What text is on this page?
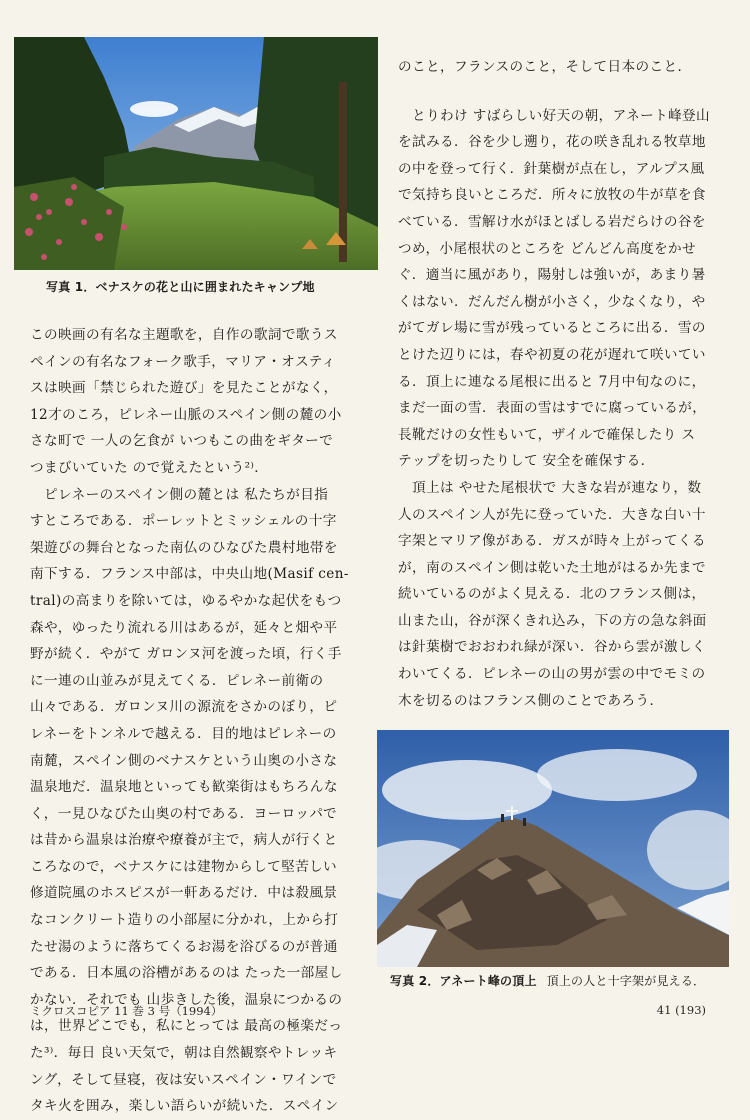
写真 1．ベナスケの花と山に囲まれたキャンプ地
この映画の有名な主題歌を，自作の歌詞で歌うス
ペインの有名なフォーク歌手，マリア・オスティ
スは映画「禁じられた遊び」を見たことがなく，
12才のころ，ピレネー山脈のスペイン側の麓の小
さな町で 一人の乞食が いつもこの曲をギターで
つまびいていた ので覚えたという²⁾．
ピレネーのスペイン側の麓とは 私たちが目指
すところである．ポーレットとミッシェルの十字
架遊びの舞台となった南仏のひなびた農村地帯を
南下する．フランス中部は，中央山地(Masif cen-
tral)の高まりを除いては，ゆるやかな起伏をもつ
森や，ゆったり流れる川はあるが，延々と畑や平
野が続く．やがて ガロンヌ河を渡った頃，行く手
に一連の山並みが見えてくる．ピレネー前衛の
山々である．ガロンヌ川の源流をさかのぼり，ピ
レネーをトンネルで越える．目的地はピレネーの
南麓，スペイン側のベナスケという山奥の小さな
温泉地だ．温泉地といっても歓楽街はもちろんな
く，一見ひなびた山奥の村である．ヨーロッパで
は昔から温泉は治療や療養が主で，病人が行くと
ころなので，ベナスケには建物からして堅苦しい
修道院風のホスピスが一軒あるだけ．中は殺風景
なコンクリート造りの小部屋に分かれ，上から打
たせ湯のように落ちてくるお湯を浴びるのが普通
である．日本風の浴槽があるのは たった一部屋し
かない．それでも 山歩きした後，温泉につかるの
は，世界どこでも，私にとっては 最高の極楽だっ
た³⁾．毎日 良い天気で，朝は自然観察やトレッキ
ング，そして昼寝，夜は安いスペイン・ワインで
タキ火を囲み，楽しい語らいが続いた．スペイン
のこと，フランスのこと，そして日本のこと．
とりわけ すばらしい好天の朝，アネート峰登山
を試みる．谷を少し遡り，花の咲き乱れる牧草地
の中を登って行く．針葉樹が点在し，アルプス風
で気持ち良いところだ．所々に放牧の牛が草を食
べている．雪解け水がほとばしる岩だらけの谷を
つめ，小尾根状のところを どんどん高度をかせ
ぐ．適当に風があり，陽射しは強いが，あまり暑
くはない．だんだん樹が小さく，少なくなり，や
がてガレ場に雪が残っているところに出る．雪の
とけた辺りには，春や初夏の花が遅れて咲いてい
る．頂上に連なる尾根に出ると 7月中旬なのに，
まだ一面の雪．表面の雪はすでに腐っているが，
長靴だけの女性もいて，ザイルで確保したり ス
テップを切ったりして 安全を確保する．
頂上は やせた尾根状で 大きな岩が連なり，数
人のスペイン人が先に登っていた．大きな白い十
字架とマリア像がある．ガスが時々上がってくる
が，南のスペイン側は乾いた土地がはるか先まで
続いているのがよく見える．北のフランス側は，
山また山，谷が深くきれ込み，下の方の急な斜面
は針葉樹でおおわれ緑が深い．谷から雲が激しく
わいてくる．ピレネーの山の男が雲の中でモミの
木を切るのはフランス側のことであろう．
写真 2．アネート峰の頂上 頂上の人と十字架が見える．
ミクロスコピア 11 巻 3 号（1994）	41 (193)
